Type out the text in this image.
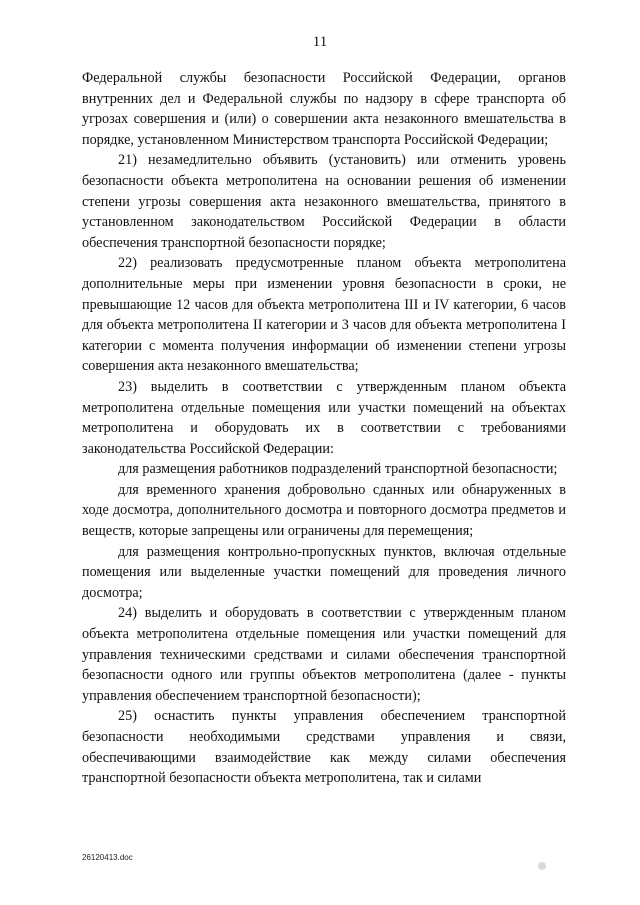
11

Федеральной службы безопасности Российской Федерации, органов внутренних дел и Федеральной службы по надзору в сфере транспорта об угрозах совершения и (или) о совершении акта незаконного вмешательства в порядке, установленном Министерством транспорта Российской Федерации;

21) незамедлительно объявить (установить) или отменить уровень безопасности объекта метрополитена на основании решения об изменении степени угрозы совершения акта незаконного вмешательства, принятого в установленном законодательством Российской Федерации в области обеспечения транспортной безопасности порядке;

22) реализовать предусмотренные планом объекта метрополитена дополнительные меры при изменении уровня безопасности в сроки, не превышающие 12 часов для объекта метрополитена III и IV категории, 6 часов для объекта метрополитена II категории и 3 часов для объекта метрополитена I категории с момента получения информации об изменении степени угрозы совершения акта незаконного вмешательства;

23) выделить в соответствии с утвержденным планом объекта метрополитена отдельные помещения или участки помещений на объектах метрополитена и оборудовать их в соответствии с требованиями законодательства Российской Федерации:

для размещения работников подразделений транспортной безопасности;

для временного хранения добровольно сданных или обнаруженных в ходе досмотра, дополнительного досмотра и повторного досмотра предметов и веществ, которые запрещены или ограничены для перемещения;

для размещения контрольно-пропускных пунктов, включая отдельные помещения или выделенные участки помещений для проведения личного досмотра;

24) выделить и оборудовать в соответствии с утвержденным планом объекта метрополитена отдельные помещения или участки помещений для управления техническими средствами и силами обеспечения транспортной безопасности одного или группы объектов метрополитена (далее - пункты управления обеспечением транспортной безопасности);

25) оснастить пункты управления обеспечением транспортной безопасности необходимыми средствами управления и связи, обеспечивающими взаимодействие как между силами обеспечения транспортной безопасности объекта метрополитена, так и силами

26120413.doc
